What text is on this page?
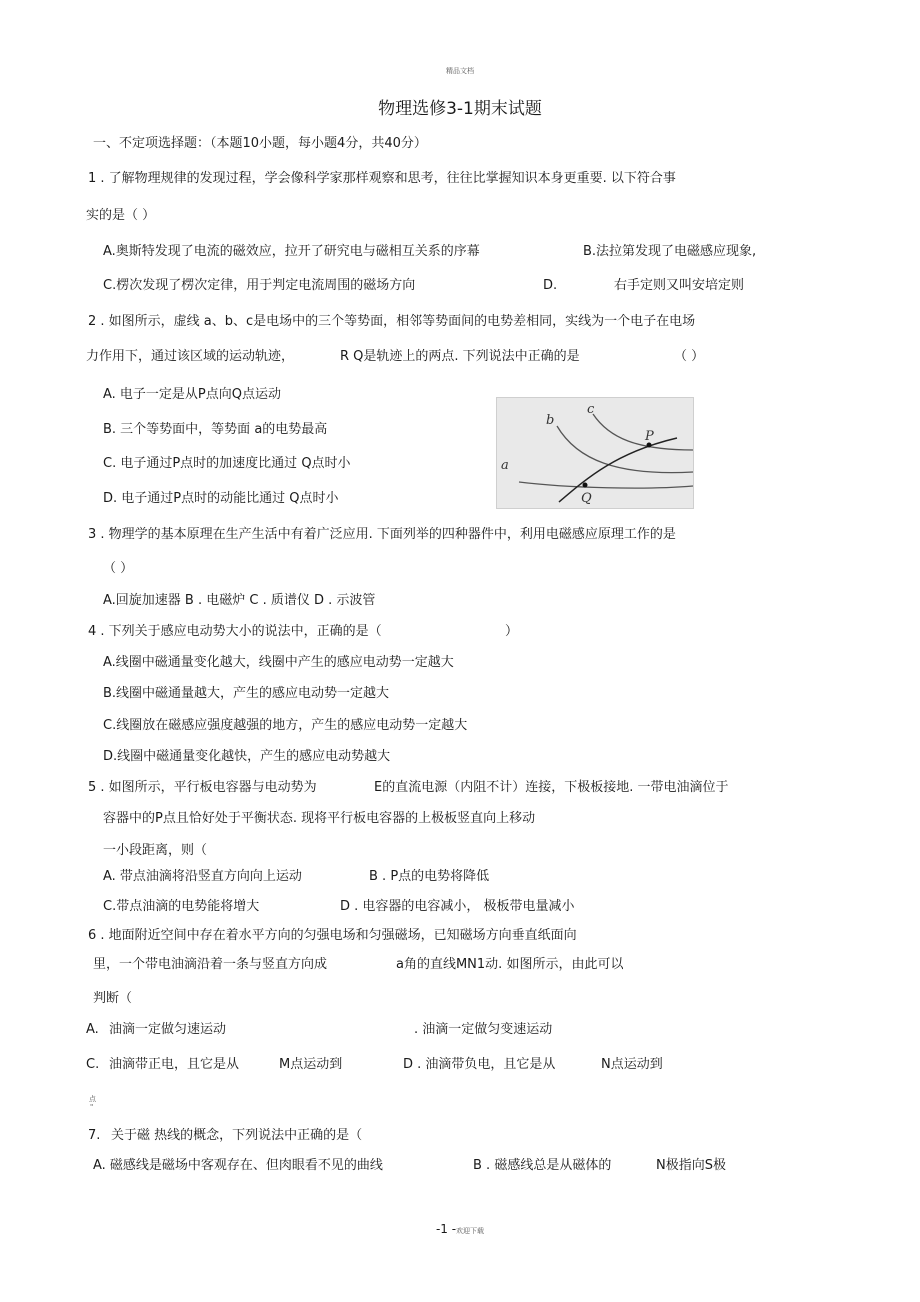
精品文档
物理选修3-1期末试题
一、不定项选择题：（本题10小题，每小题4分，共40分）
1 . 了解物理规律的发现过程，学会像科学家那样观察和思考，往往比掌握知识本身更重要. 以下符合事
实的是（ ）
A.奥斯特发现了电流的磁效应，拉开了研究电与磁相互关系的序幕	B.法拉第发现了电磁感应现象,
C.楞次发现了楞次定律，用于判定电流周围的磁场方向	D.	右手定则又叫安培定则
2 . 如图所示，虚线 a、b、c是电场中的三个等势面，相邻等势面间的电势差相同，实线为一个电子在电场
力作用下，通过该区域的运动轨迹，	R Q是轨迹上的两点. 下列说法中正确的是	（ ）
A. 电子一定是从P点向Q点运动
B. 三个等势面中，等势面 a的电势最高
C. 电子通过P点时的加速度比通过 Q点时小
D. 电子通过P点时的动能比通过 Q点时小
b
c
a
P
Q
3 . 物理学的基本原理在生产生活中有着广泛应用. 下面列举的四种器件中，利用电磁感应原理工作的是
（ ）
A.回旋加速器 B . 电磁炉 C . 质谱仪 D . 示波管
4 . 下列关于感应电动势大小的说法中，正确的是（	）
A.线圈中磁通量变化越大，线圈中产生的感应电动势一定越大
B.线圈中磁通量越大，产生的感应电动势一定越大
C.线圈放在磁感应强度越强的地方，产生的感应电动势一定越大
D.线圈中磁通量变化越快，产生的感应电动势越大
5 . 如图所示，平行板电容器与电动势为	E的直流电源（内阻不计）连接，下极板接地. 一带电油滴位于
容器中的P点且恰好处于平衡状态. 现将平行板电容器的上极板竖直向上移动
一小段距离，则（
A. 带点油滴将沿竖直方向向上运动	B . P点的电势将降低
C.带点油滴的电势能将增大	D . 电容器的电容减小， 极板带电量减小
6 . 地面附近空间中存在着水平方向的匀强电场和匀强磁场，已知磁场方向垂直纸面向
里，一个带电油滴沿着一条与竖直方向成	a角的直线MN1动. 如图所示，由此可以
判断（
A. 油滴一定做匀速运动	. 油滴一定做匀变速运动
C. 油滴带正电，且它是从	M点运动到	D . 油滴带负电，且它是从	N点运动到
点
"
7. 关于磁 热线的概念，下列说法中正确的是（
A. 磁感线是磁场中客观存在、但肉眼看不见的曲线	B . 磁感线总是从磁体的	N极指向S极
-1 -欢迎下载
